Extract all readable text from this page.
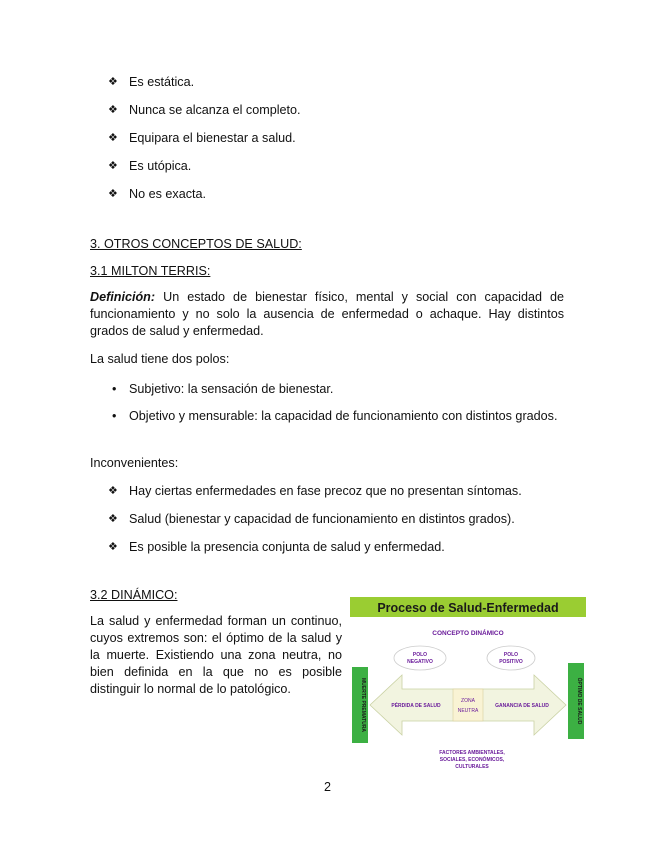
❖ Es estática.
❖ Nunca se alcanza el completo.
❖ Equipara el bienestar a salud.
❖ Es utópica.
❖ No es exacta.

3. OTROS CONCEPTOS DE SALUD:

3.1 MILTON TERRIS:

Definición: Un estado de bienestar físico, mental y social con capacidad de funcionamiento y no solo la ausencia de enfermedad o achaque. Hay distintos grados de salud y enfermedad.

La salud tiene dos polos:

• Subjetivo: la sensación de bienestar.
• Objetivo y mensurable: la capacidad de funcionamiento con distintos grados.

Inconvenientes:

❖ Hay ciertas enfermedades en fase precoz que no presentan síntomas.
❖ Salud (bienestar y capacidad de funcionamiento en distintos grados).
❖ Es posible la presencia conjunta de salud y enfermedad.

3.2 DINÁMICO:

La salud y enfermedad forman un continuo, cuyos extremos son: el óptimo de la salud y la muerte. Existiendo una zona neutra, no bien definida en la que no es posible distinguir lo normal de lo patológico.

Proceso de Salud-Enfermedad
CONCEPTO DINÁMICO
POLO
NEGATIVO
POLO
POSITIVO
ZONA
NEUTRA
PÉRDIDA DE SALUD	GANANCIA DE SALUD
MUERTE PREMATURA	ÓPTIMO DE SALUD
FACTORES AMBIENTALES,
SOCIALES, ECONÓMICOS,
CULTURALES
2
